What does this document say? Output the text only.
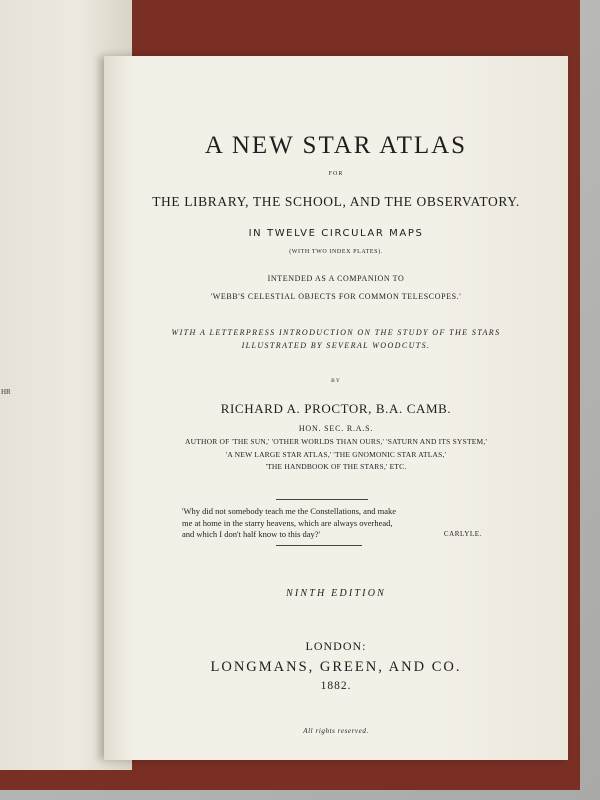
HR
A NEW STAR ATLAS
FOR
THE LIBRARY, THE SCHOOL, AND THE OBSERVATORY.
IN TWELVE CIRCULAR MAPS
(WITH TWO INDEX PLATES).
INTENDED AS A COMPANION TO
'WEBB'S CELESTIAL OBJECTS FOR COMMON TELESCOPES.'
WITH A LETTERPRESS INTRODUCTION ON THE STUDY OF THE STARS
ILLUSTRATED BY SEVERAL WOODCUTS.
BY
RICHARD A. PROCTOR, B.A. CAMB.
HON. SEC. R.A.S.
AUTHOR OF 'THE SUN,' 'OTHER WORLDS THAN OURS,' 'SATURN AND ITS SYSTEM,'
'A NEW LARGE STAR ATLAS,' 'THE GNOMONIC STAR ATLAS,'
'THE HANDBOOK OF THE STARS,' ETC.
'Why did not somebody teach me the Constellations, and make
me at home in the starry heavens, which are always overhead,
and which I don't half know to this day?'	CARLYLE.
NINTH EDITION
LONDON:
LONGMANS, GREEN, AND CO.
1882.
All rights reserved.
